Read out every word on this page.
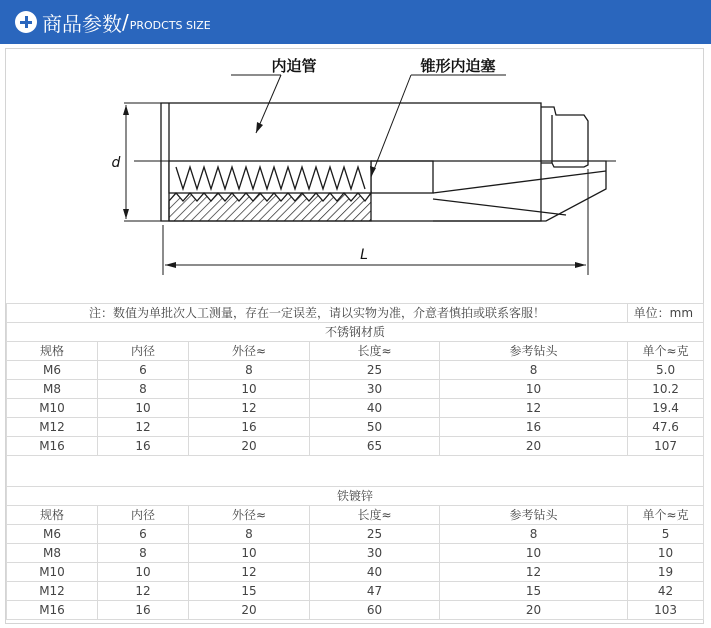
商品参数 / PRODCTS SIZE
内迫管	锥形内迫塞
d
L
注：数值为单批次人工测量，存在一定误差，请以实物为准，介意者慎拍或联系客服！					单位：mm
不锈钢材质					
规格	内径	外径≈	长度≈	参考钻头	单个≈克
M6	6	8	25	8	5.0
M8	8	10	30	10	10.2
M10	10	12	40	12	19.4
M12	12	16	50	16	47.6
M16	16	20	65	20	107

铁镀锌					
规格	内径	外径≈	长度≈	参考钻头	单个≈克
M6	6	8	25	8	5
M8	8	10	30	10	10
M10	10	12	40	12	19
M12	12	15	47	15	42
M16	16	20	60	20	103
